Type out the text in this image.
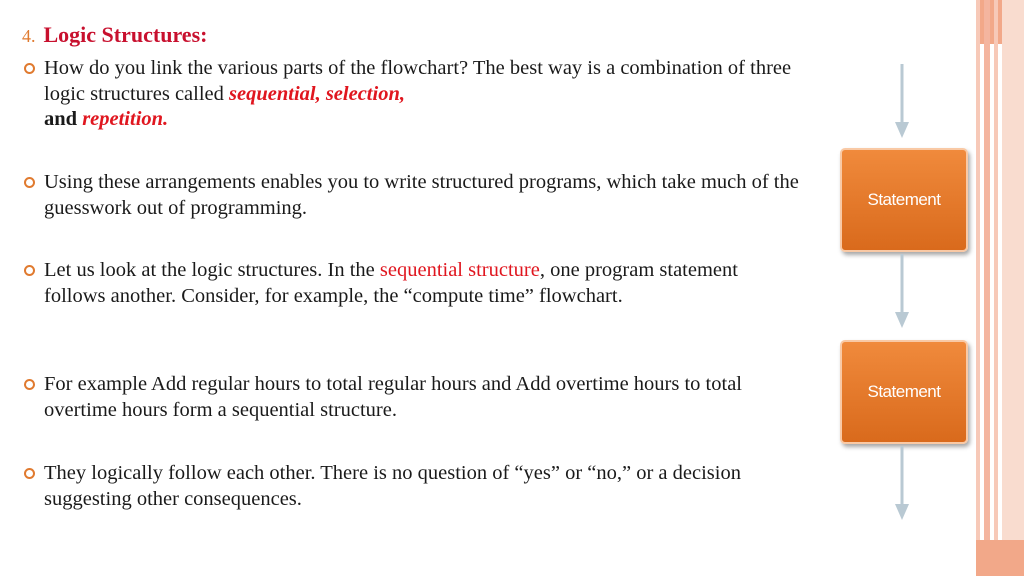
4. Logic Structures:
How do you link the various parts of the flowchart? The best way is a combination of three logic structures called sequential, selection,
and repetition.
Using these arrangements enables you to write structured programs, which take much of the guesswork out of programming.
Let us look at the logic structures. In the sequential structure, one program statement follows another. Consider, for example, the “compute time” flowchart.
For example Add regular hours to total regular hours and Add overtime hours to total overtime hours form a sequential structure.
They logically follow each other. There is no question of “yes” or “no,” or a decision suggesting other consequences.
Statement
Statement
